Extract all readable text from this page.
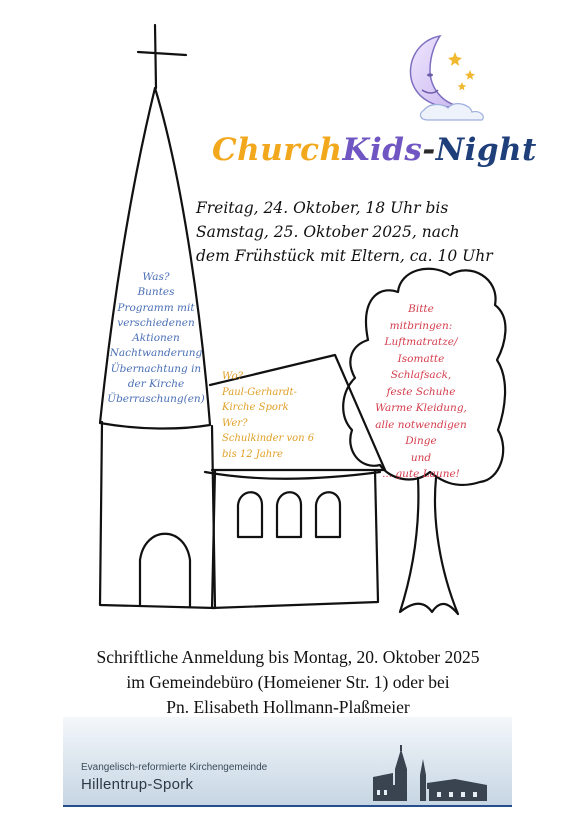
ChurchKids-Night
Freitag, 24. Oktober, 18 Uhr bis
Samstag, 25. Oktober 2025, nach
dem Frühstück mit Eltern, ca. 10 Uhr
Was?
Buntes
Programm mit
verschiedenen
Aktionen
Nachtwanderung
Übernachtung in
der Kirche
Überraschung(en)
Wo?
Paul-Gerhardt-
Kirche Spork
Wer?
Schulkinder von 6
bis 12 Jahre
Bitte
mitbringen:
Luftmatratze/
Isomatte
Schlafsack,
feste Schuhe
Warme Kleidung,
alle notwendigen
Dinge
und
... gute Laune!
Schriftliche Anmeldung bis Montag, 20. Oktober 2025
im Gemeindebüro (Homeiener Str. 1) oder bei
Pn. Elisabeth Hollmann-Plaßmeier
Evangelisch-reformierte Kirchengemeinde
Hillentrup-Spork
